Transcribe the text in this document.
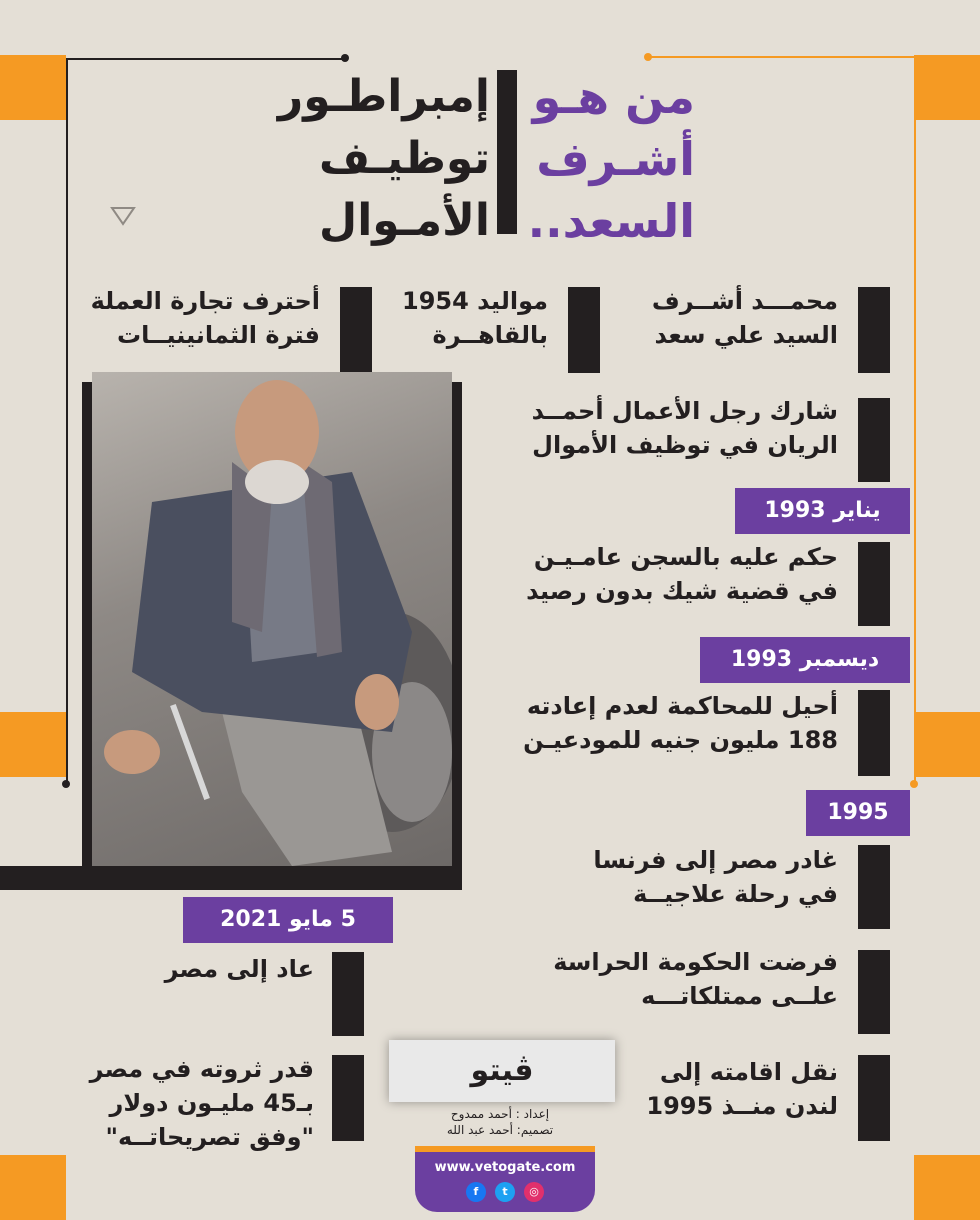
من هـو
أشـرف
السعد..
إمبراطـور
توظيـف
الأمـوال
محمـــد أشــرف
السيد علي سعد
مواليد 1954
بالقاهــرة
أحترف تجارة العملة
فترة الثمانينيــات
شارك رجل الأعمال أحمــد
الريان في توظيف الأموال
يناير 1993
حكم عليه بالسجن عامـيـن
في قضية شيك بدون رصيد
ديسمبر 1993
أحيل للمحاكمة لعدم إعادته
188 مليون جنيه للمودعيـن
1995
غادر مصر إلى فرنسا
في رحلة علاجيــة
فرضت الحكومة الحراسة
علــى ممتلكاتـــه
نقل اقامته إلى
لندن منــذ 1995
5 مايو 2021
عاد إلى مصر
قدر ثروته في مصر
بـ45 مليـون دولار
"وفق تصريحاتــه"
ڤيتو
إعداد : أحمد ممدوح
تصميم: أحمد عبد الله
www.vetogate.com
f t ◎
